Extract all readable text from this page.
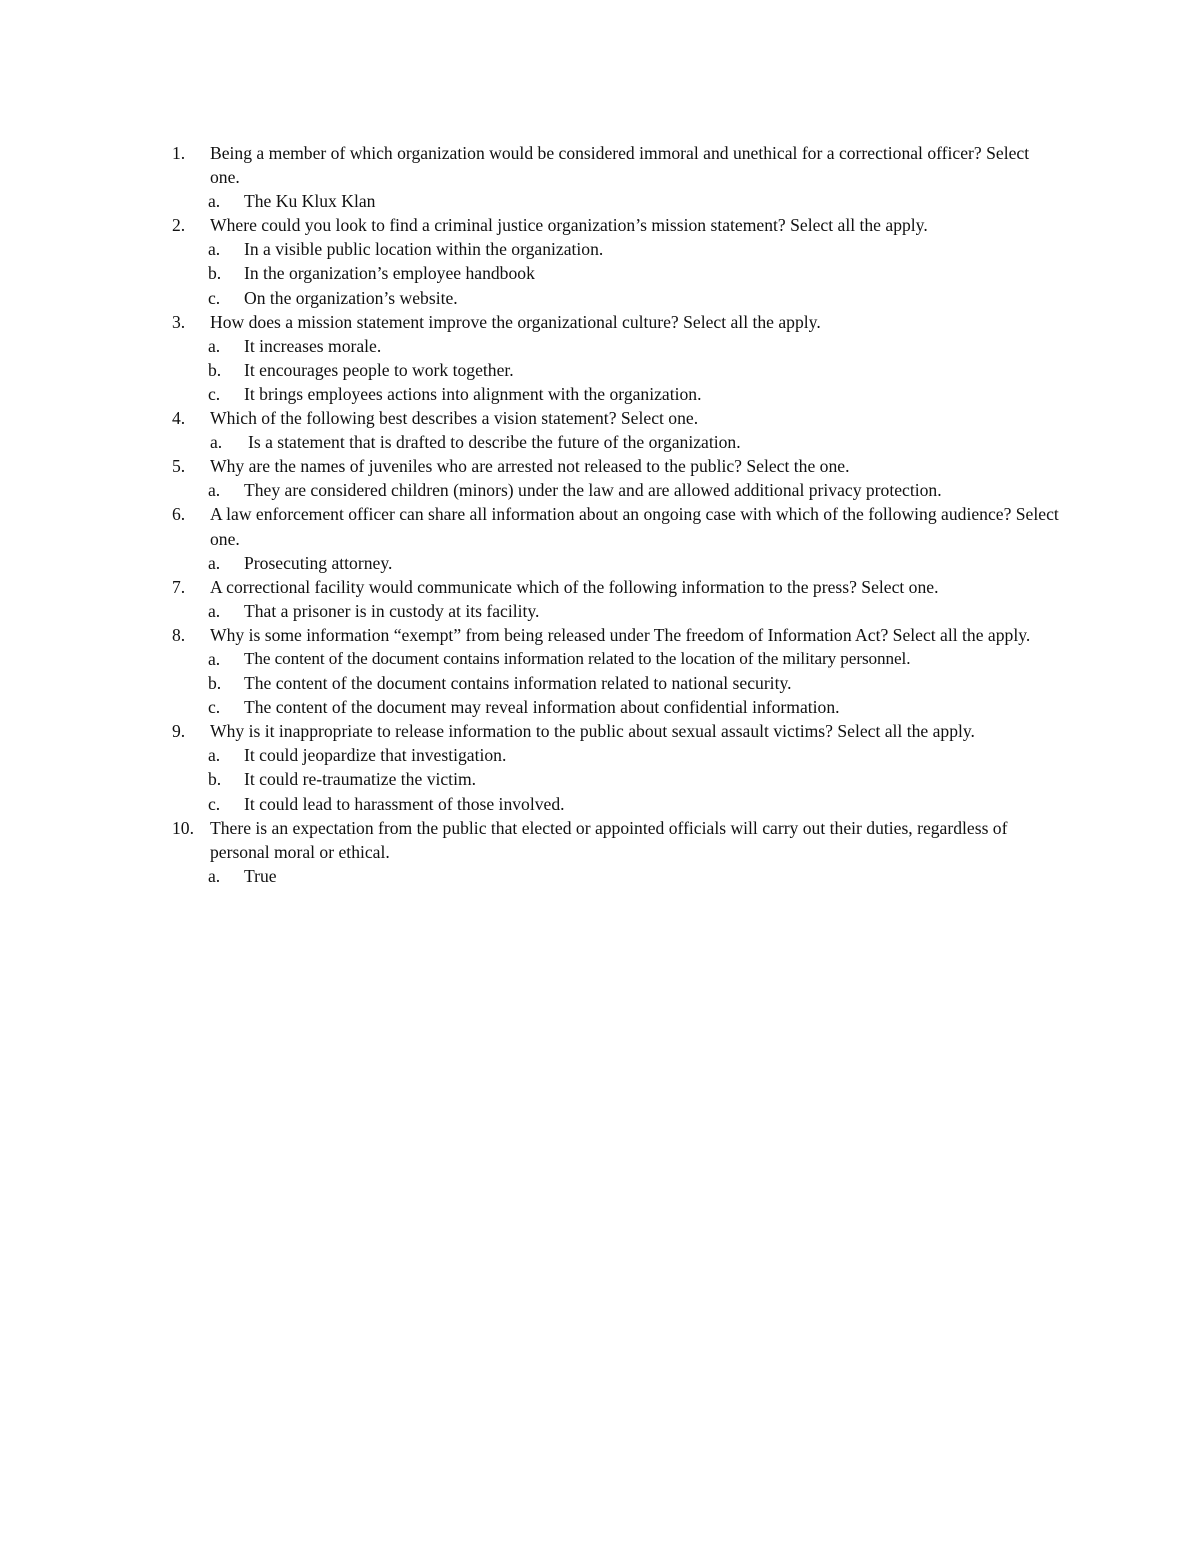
1.	Being a member of which organization would be considered immoral and unethical for a correctional officer? Select one.
a. The Ku Klux Klan
2.	Where could you look to find a criminal justice organization’s mission statement? Select all the apply.
a. In a visible public location within the organization.
b. In the organization’s employee handbook
c. On the organization’s website.
3.	How does a mission statement improve the organizational culture? Select all the apply.
a. It increases morale.
b. It encourages people to work together.
c. It brings employees actions into alignment with the organization.
4.	Which of the following best describes a vision statement? Select one.
a. Is a statement that is drafted to describe the future of the organization.
5.	Why are the names of juveniles who are arrested not released to the public? Select the one.
a. They are considered children (minors) under the law and are allowed additional privacy protection.
6.	A law enforcement officer can share all information about an ongoing case with which of the following audience? Select one.
a. Prosecuting attorney.
7.	A correctional facility would communicate which of the following information to the press? Select one.
a. That a prisoner is in custody at its facility.
8.	Why is some information “exempt” from being released under The freedom of Information Act? Select all the apply.
a. The content of the document contains information related to the location of the military personnel.
b. The content of the document contains information related to national security.
c. The content of the document may reveal information about confidential information.
9.	Why is it inappropriate to release information to the public about sexual assault victims? Select all the apply.
a. It could jeopardize that investigation.
b. It could re-traumatize the victim.
c. It could lead to harassment of those involved.
10. There is an expectation from the public that elected or appointed officials will carry out their duties, regardless of personal moral or ethical.
a. True
